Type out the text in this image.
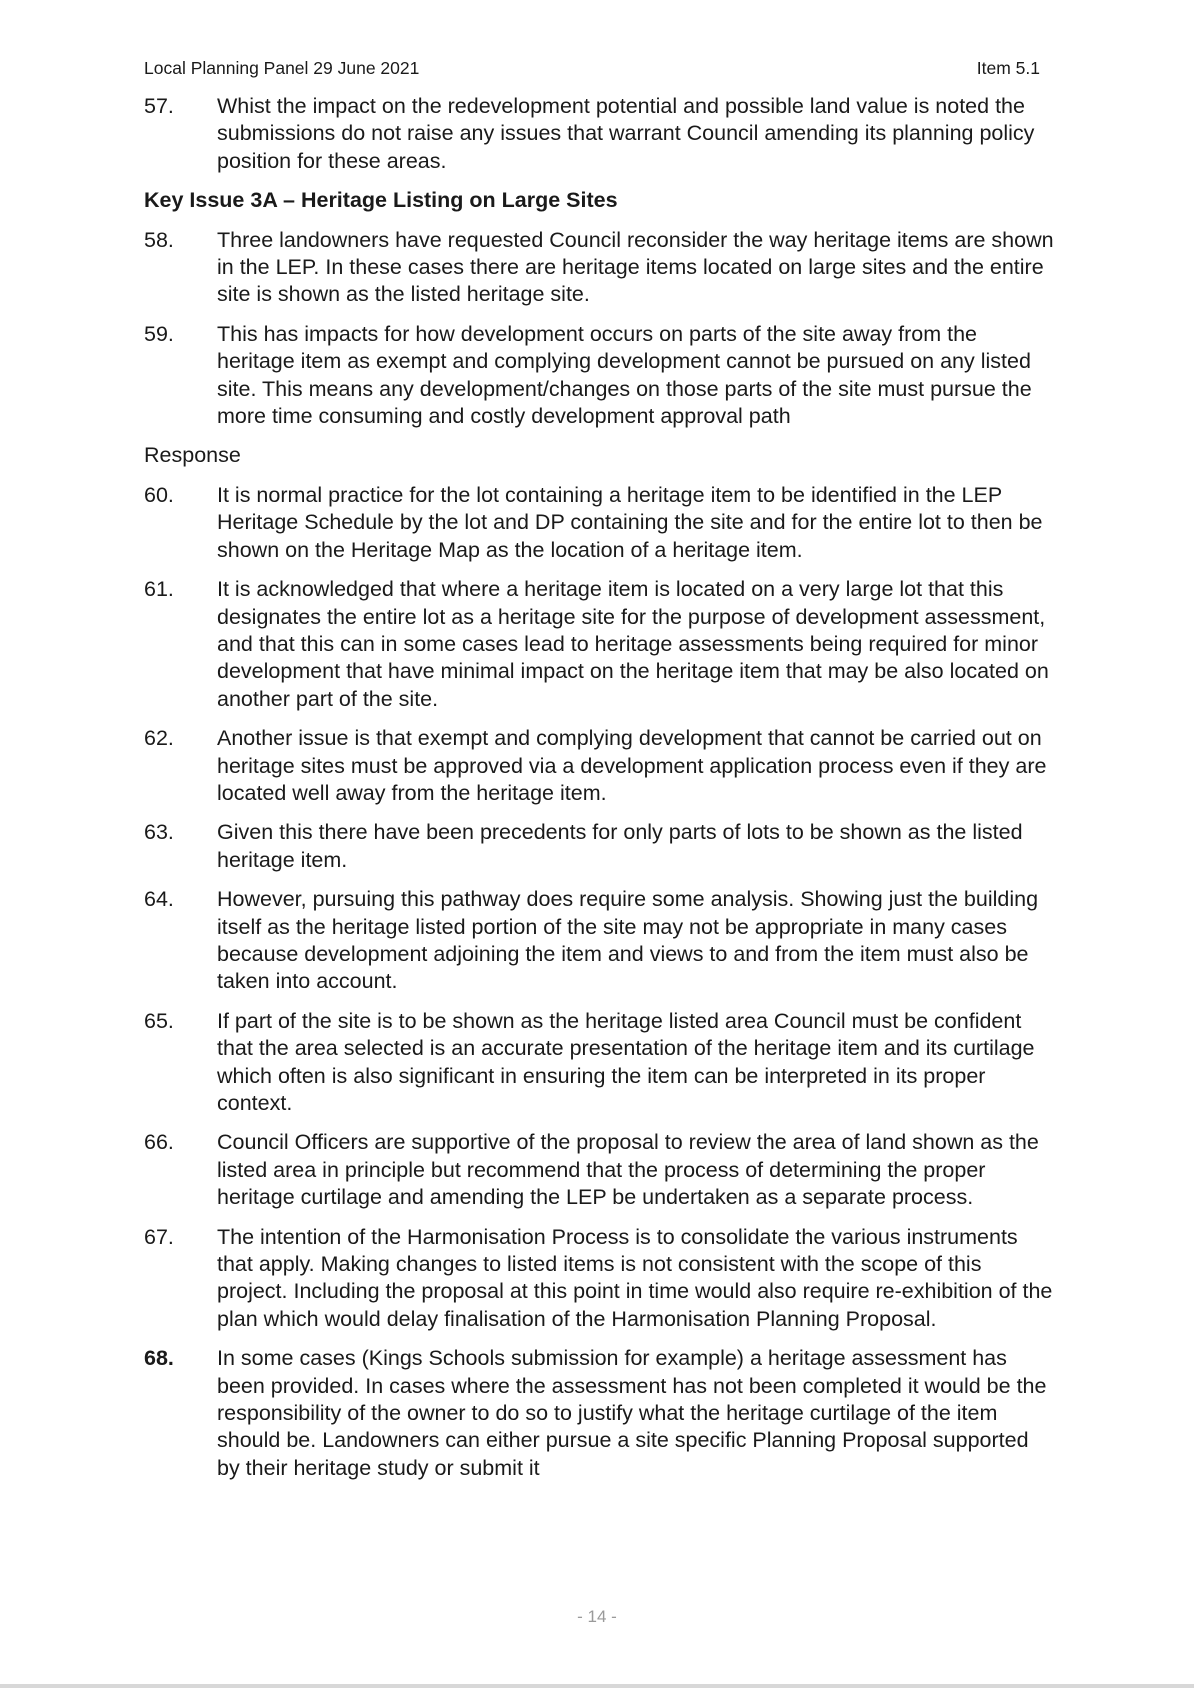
Local Planning Panel 29 June 2021	Item 5.1
57. Whist the impact on the redevelopment potential and possible land value is noted the submissions do not raise any issues that warrant Council amending its planning policy position for these areas.
Key Issue 3A – Heritage Listing on Large Sites
58. Three landowners have requested Council reconsider the way heritage items are shown in the LEP. In these cases there are heritage items located on large sites and the entire site is shown as the listed heritage site.
59. This has impacts for how development occurs on parts of the site away from the heritage item as exempt and complying development cannot be pursued on any listed site. This means any development/changes on those parts of the site must pursue the more time consuming and costly development approval path
Response
60. It is normal practice for the lot containing a heritage item to be identified in the LEP Heritage Schedule by the lot and DP containing the site and for the entire lot to then be shown on the Heritage Map as the location of a heritage item.
61. It is acknowledged that where a heritage item is located on a very large lot that this designates the entire lot as a heritage site for the purpose of development assessment, and that this can in some cases lead to heritage assessments being required for minor development that have minimal impact on the heritage item that may be also located on another part of the site.
62. Another issue is that exempt and complying development that cannot be carried out on heritage sites must be approved via a development application process even if they are located well away from the heritage item.
63. Given this there have been precedents for only parts of lots to be shown as the listed heritage item.
64. However, pursuing this pathway does require some analysis. Showing just the building itself as the heritage listed portion of the site may not be appropriate in many cases because development adjoining the item and views to and from the item must also be taken into account.
65. If part of the site is to be shown as the heritage listed area Council must be confident that the area selected is an accurate presentation of the heritage item and its curtilage which often is also significant in ensuring the item can be interpreted in its proper context.
66. Council Officers are supportive of the proposal to review the area of land shown as the listed area in principle but recommend that the process of determining the proper heritage curtilage and amending the LEP be undertaken as a separate process.
67. The intention of the Harmonisation Process is to consolidate the various instruments that apply. Making changes to listed items is not consistent with the scope of this project. Including the proposal at this point in time would also require re-exhibition of the plan which would delay finalisation of the Harmonisation Planning Proposal.
68. In some cases (Kings Schools submission for example) a heritage assessment has been provided. In cases where the assessment has not been completed it would be the responsibility of the owner to do so to justify what the heritage curtilage of the item should be. Landowners can either pursue a site specific Planning Proposal supported by their heritage study or submit it
- 14 -
